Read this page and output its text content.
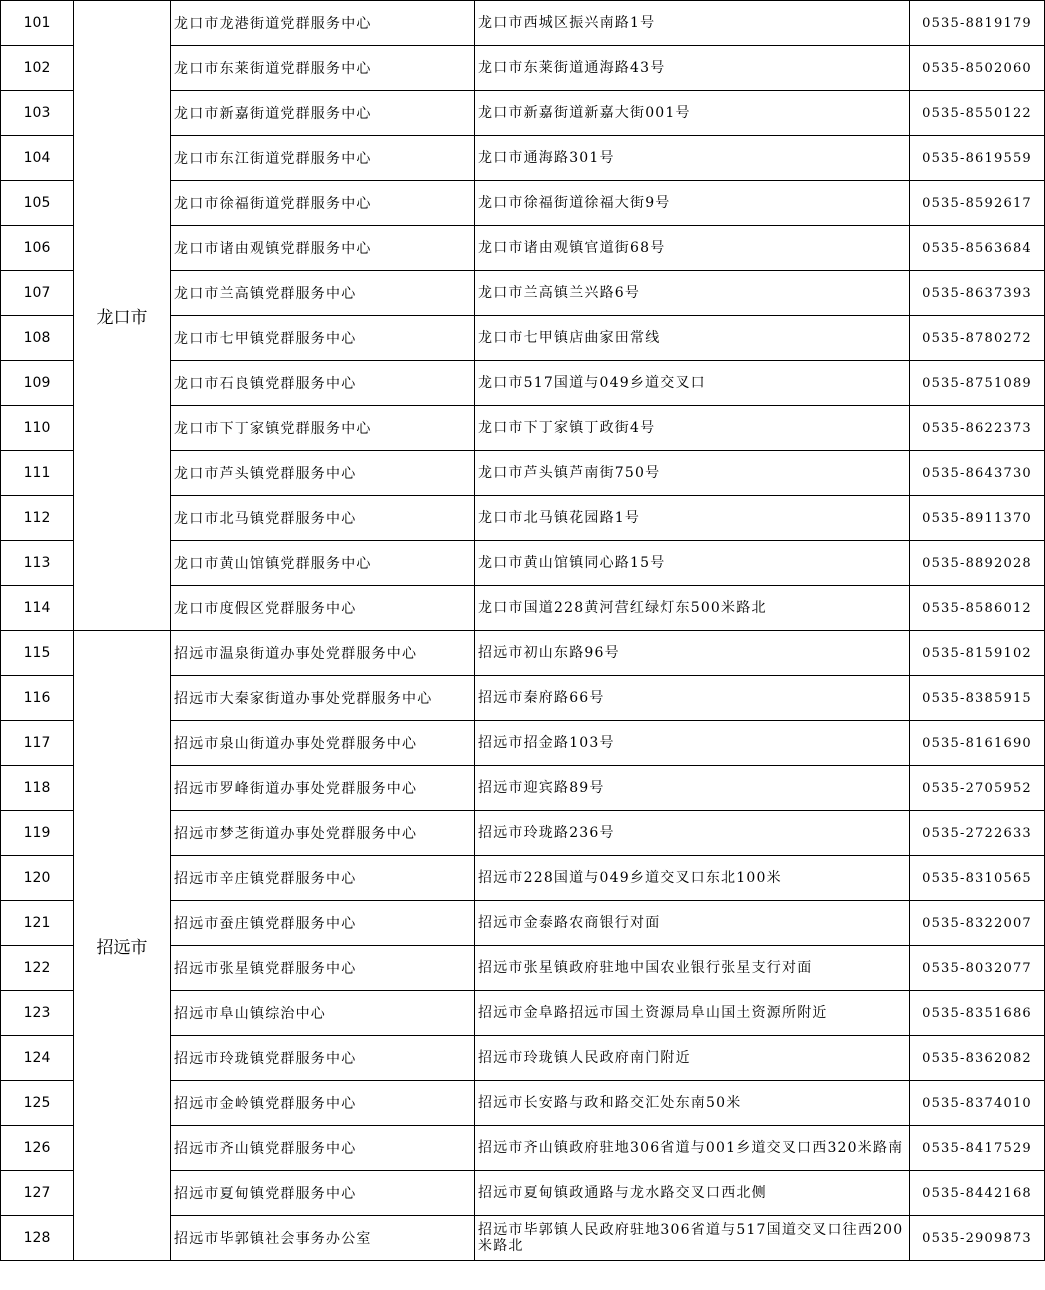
101	龙口市	龙口市龙港街道党群服务中心	龙口市西城区振兴南路1号	0535-8819179
102		龙口市东莱街道党群服务中心	龙口市东莱街道通海路43号	0535-8502060
103		龙口市新嘉街道党群服务中心	龙口市新嘉街道新嘉大街001号	0535-8550122
104		龙口市东江街道党群服务中心	龙口市通海路301号	0535-8619559
105		龙口市徐福街道党群服务中心	龙口市徐福街道徐福大街9号	0535-8592617
106		龙口市诸由观镇党群服务中心	龙口市诸由观镇官道街68号	0535-8563684
107		龙口市兰高镇党群服务中心	龙口市兰高镇兰兴路6号	0535-8637393
108		龙口市七甲镇党群服务中心	龙口市七甲镇店曲家田常线	0535-8780272
109		龙口市石良镇党群服务中心	龙口市517国道与049乡道交叉口	0535-8751089
110		龙口市下丁家镇党群服务中心	龙口市下丁家镇丁政街4号	0535-8622373
111		龙口市芦头镇党群服务中心	龙口市芦头镇芦南街750号	0535-8643730
112		龙口市北马镇党群服务中心	龙口市北马镇花园路1号	0535-8911370
113		龙口市黄山馆镇党群服务中心	龙口市黄山馆镇同心路15号	0535-8892028
114		龙口市度假区党群服务中心	龙口市国道228黄河营红绿灯东500米路北	0535-8586012
115	招远市	招远市温泉街道办事处党群服务中心	招远市初山东路96号	0535-8159102
116		招远市大秦家街道办事处党群服务中心	招远市秦府路66号	0535-8385915
117		招远市泉山街道办事处党群服务中心	招远市招金路103号	0535-8161690
118		招远市罗峰街道办事处党群服务中心	招远市迎宾路89号	0535-2705952
119		招远市梦芝街道办事处党群服务中心	招远市玲珑路236号	0535-2722633
120		招远市辛庄镇党群服务中心	招远市228国道与049乡道交叉口东北100米	0535-8310565
121		招远市蚕庄镇党群服务中心	招远市金泰路农商银行对面	0535-8322007
122		招远市张星镇党群服务中心	招远市张星镇政府驻地中国农业银行张星支行对面	0535-8032077
123		招远市阜山镇综治中心	招远市金阜路招远市国土资源局阜山国土资源所附近	0535-8351686
124		招远市玲珑镇党群服务中心	招远市玲珑镇人民政府南门附近	0535-8362082
125		招远市金岭镇党群服务中心	招远市长安路与政和路交汇处东南50米	0535-8374010
126		招远市齐山镇党群服务中心	招远市齐山镇政府驻地306省道与001乡道交叉口西320米路南	0535-8417529
127		招远市夏甸镇党群服务中心	招远市夏甸镇政通路与龙水路交叉口西北侧	0535-8442168
128		招远市毕郭镇社会事务办公室	招远市毕郭镇人民政府驻地306省道与517国道交叉口往西200米路北	0535-2909873
